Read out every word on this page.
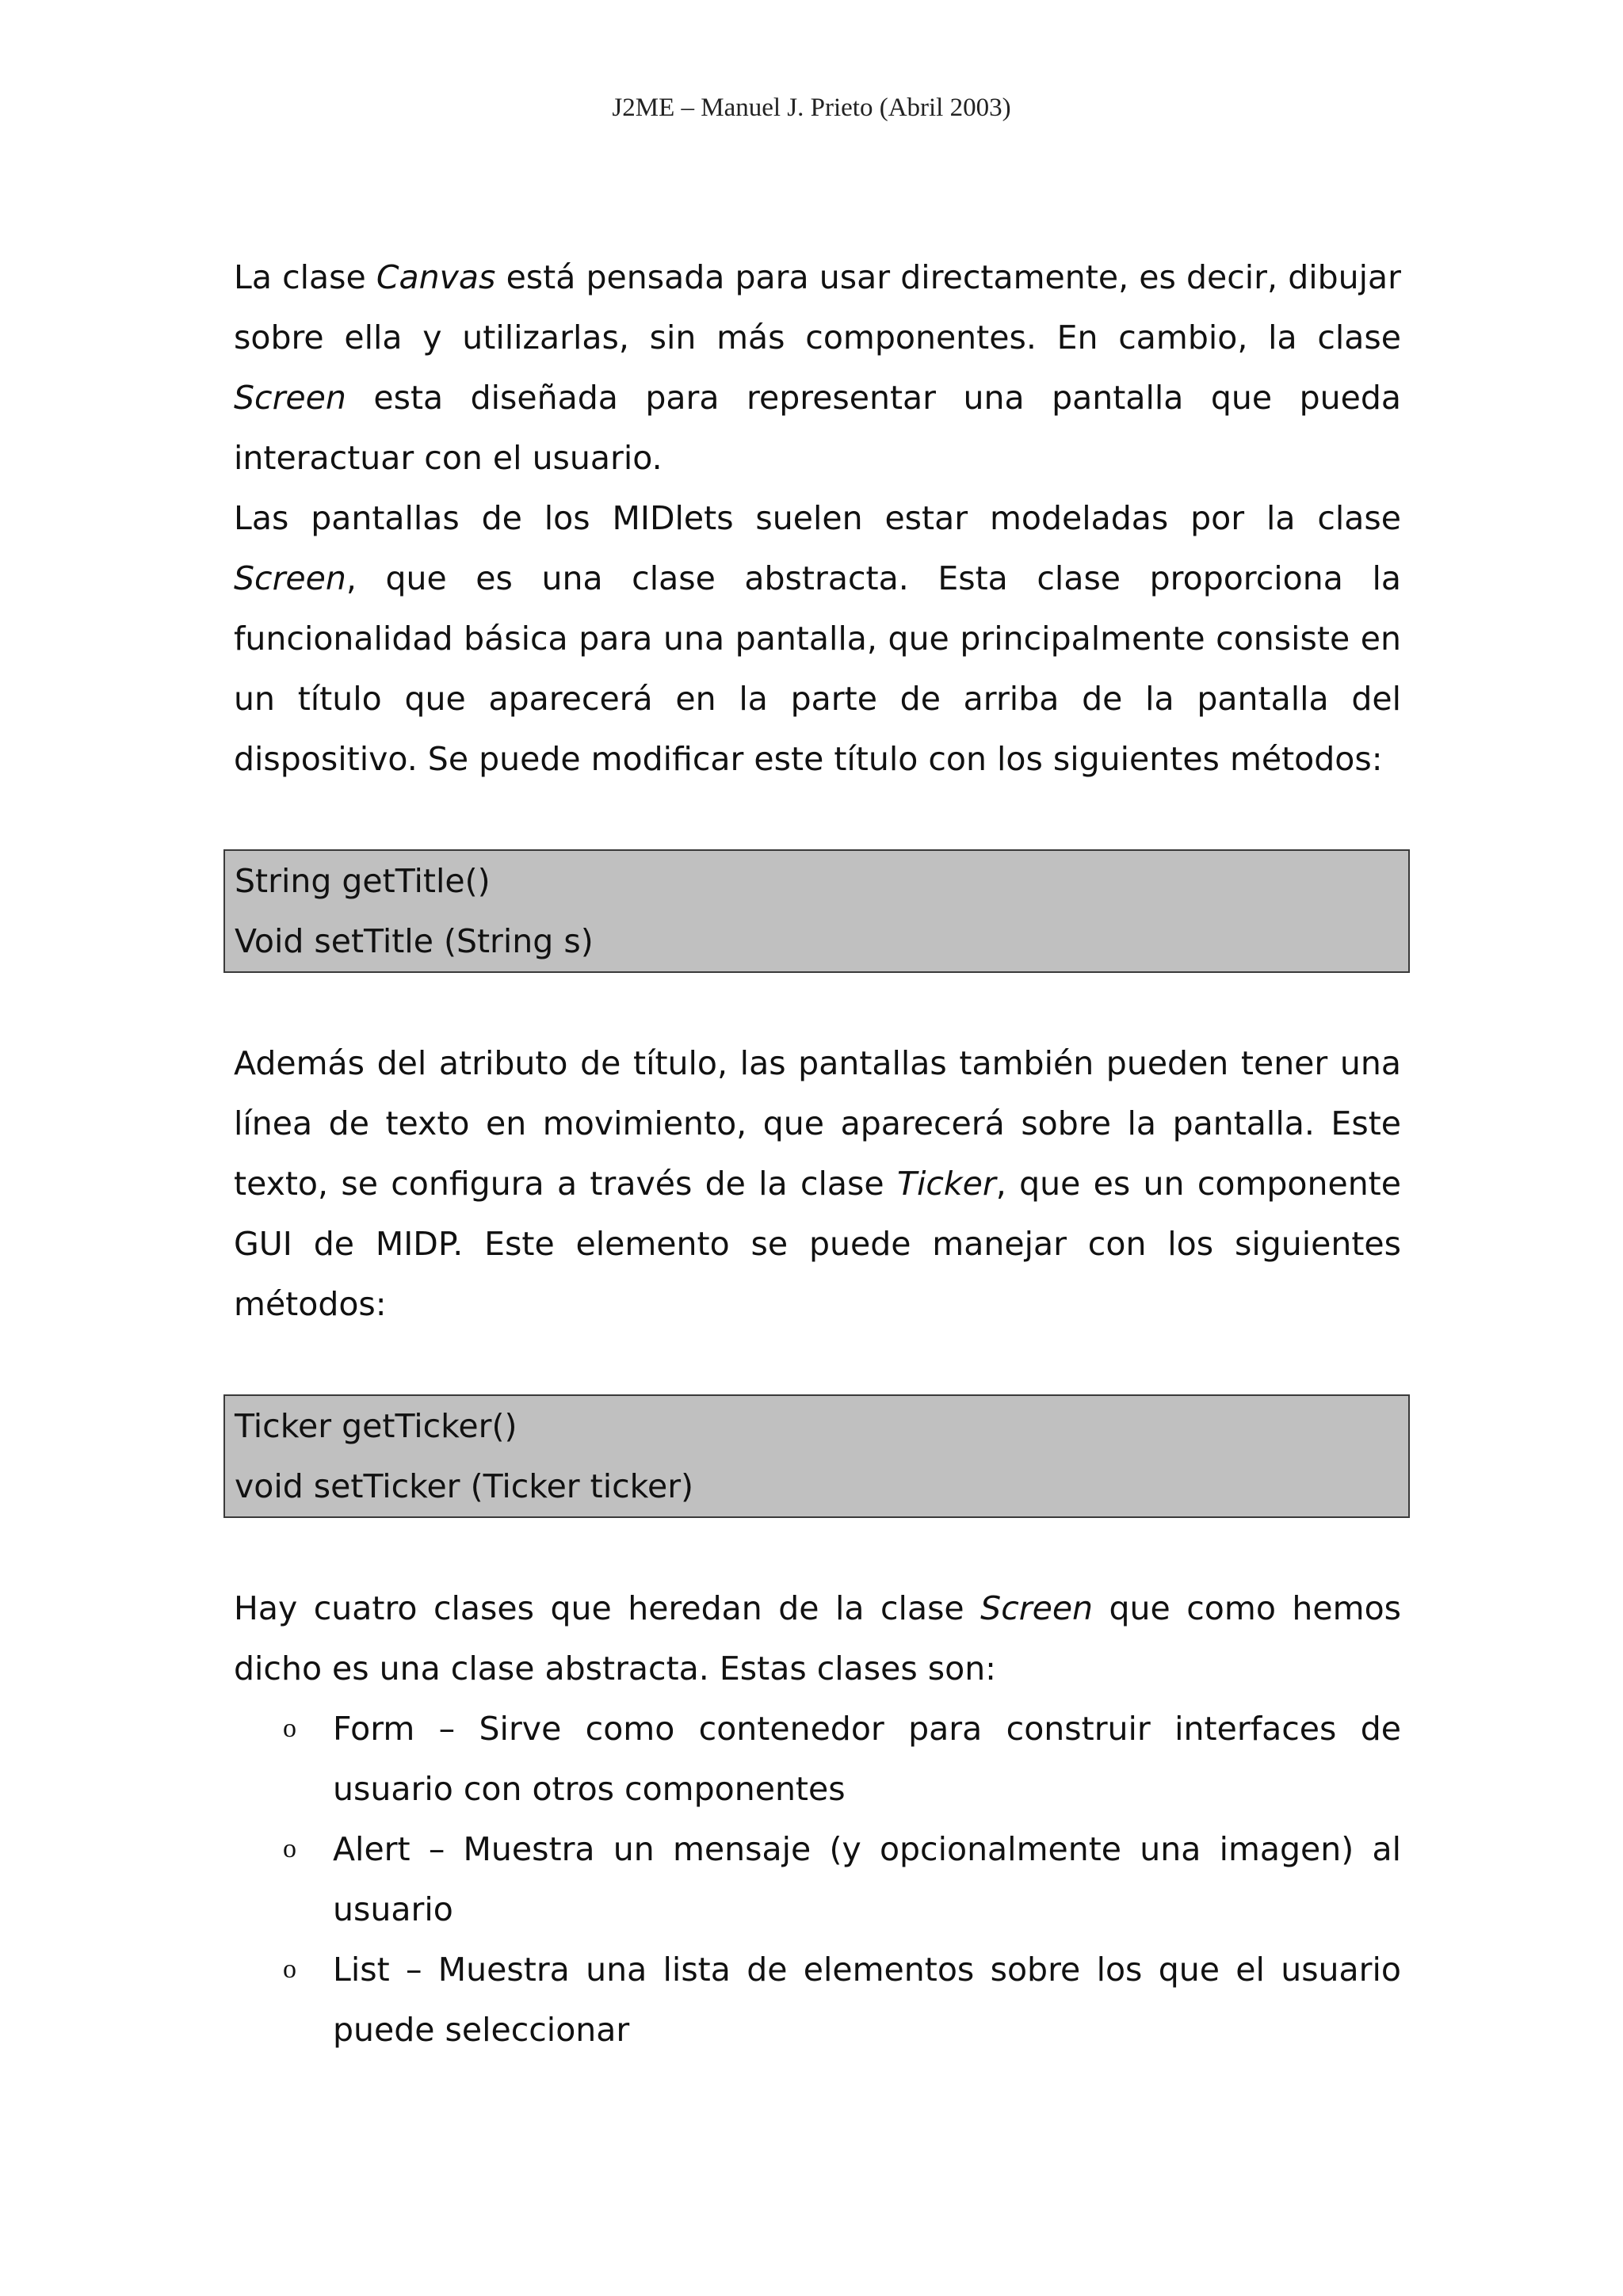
J2ME – Manuel J. Prieto (Abril 2003)

La clase Canvas está pensada para usar directamente, es decir, dibujar sobre ella y utilizarlas, sin más componentes. En cambio, la clase Screen esta diseñada para representar una pantalla que pueda interactuar con el usuario.

Las pantallas de los MIDlets suelen estar modeladas por la clase Screen, que es una clase abstracta. Esta clase proporciona la funcionalidad básica para una pantalla, que principalmente consiste en un título que aparecerá en la parte de arriba de la pantalla del dispositivo. Se puede modificar este título con los siguientes métodos:

String getTitle()
Void setTitle (String s)

Además del atributo de título, las pantallas también pueden tener una línea de texto en movimiento, que aparecerá sobre la pantalla. Este texto, se configura a través de la clase Ticker, que es un componente GUI de MIDP. Este elemento se puede manejar con los siguientes métodos:

Ticker getTicker()
void setTicker (Ticker ticker)

Hay cuatro clases que heredan de la clase Screen que como hemos dicho es una clase abstracta. Estas clases son:

o Form – Sirve como contenedor para construir interfaces de usuario con otros componentes
o Alert – Muestra un mensaje (y opcionalmente una imagen) al usuario
o List – Muestra una lista de elementos sobre los que el usuario puede seleccionar
